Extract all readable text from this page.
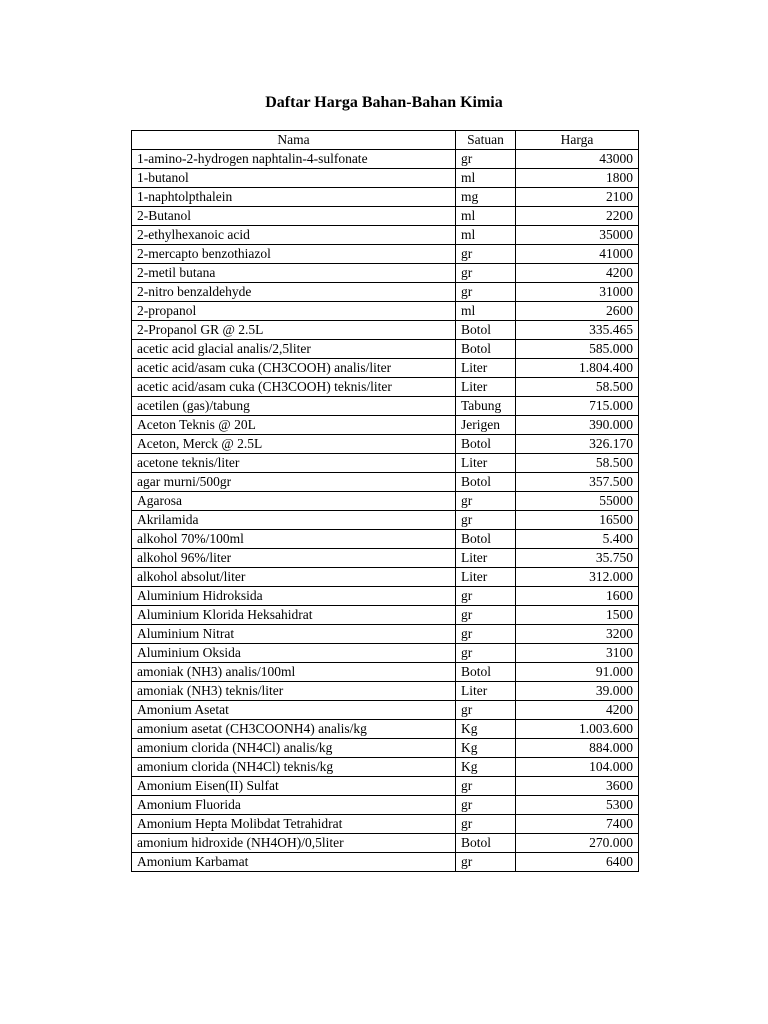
Daftar Harga Bahan-Bahan Kimia
Nama	Satuan	Harga
1-amino-2-hydrogen naphtalin-4-sulfonate	gr	43000
1-butanol	ml	1800
1-naphtolpthalein	mg	2100
2-Butanol	ml	2200
2-ethylhexanoic acid	ml	35000
2-mercapto benzothiazol	gr	41000
2-metil butana	gr	4200
2-nitro benzaldehyde	gr	31000
2-propanol	ml	2600
2-Propanol GR @ 2.5L	Botol	335.465
acetic acid glacial analis/2,5liter	Botol	585.000
acetic acid/asam cuka (CH3COOH) analis/liter	Liter	1.804.400
acetic acid/asam cuka (CH3COOH) teknis/liter	Liter	58.500
acetilen (gas)/tabung	Tabung	715.000
Aceton Teknis @ 20L	Jerigen	390.000
Aceton, Merck @ 2.5L	Botol	326.170
acetone teknis/liter	Liter	58.500
agar murni/500gr	Botol	357.500
Agarosa	gr	55000
Akrilamida	gr	16500
alkohol 70%/100ml	Botol	5.400
alkohol 96%/liter	Liter	35.750
alkohol absolut/liter	Liter	312.000
Aluminium Hidroksida	gr	1600
Aluminium Klorida Heksahidrat	gr	1500
Aluminium Nitrat	gr	3200
Aluminium Oksida	gr	3100
amoniak (NH3) analis/100ml	Botol	91.000
amoniak (NH3) teknis/liter	Liter	39.000
Amonium Asetat	gr	4200
amonium asetat (CH3COONH4) analis/kg	Kg	1.003.600
amonium clorida (NH4Cl) analis/kg	Kg	884.000
amonium clorida (NH4Cl) teknis/kg	Kg	104.000
Amonium Eisen(II) Sulfat	gr	3600
Amonium Fluorida	gr	5300
Amonium Hepta Molibdat Tetrahidrat	gr	7400
amonium hidroxide (NH4OH)/0,5liter	Botol	270.000
Amonium Karbamat	gr	6400
